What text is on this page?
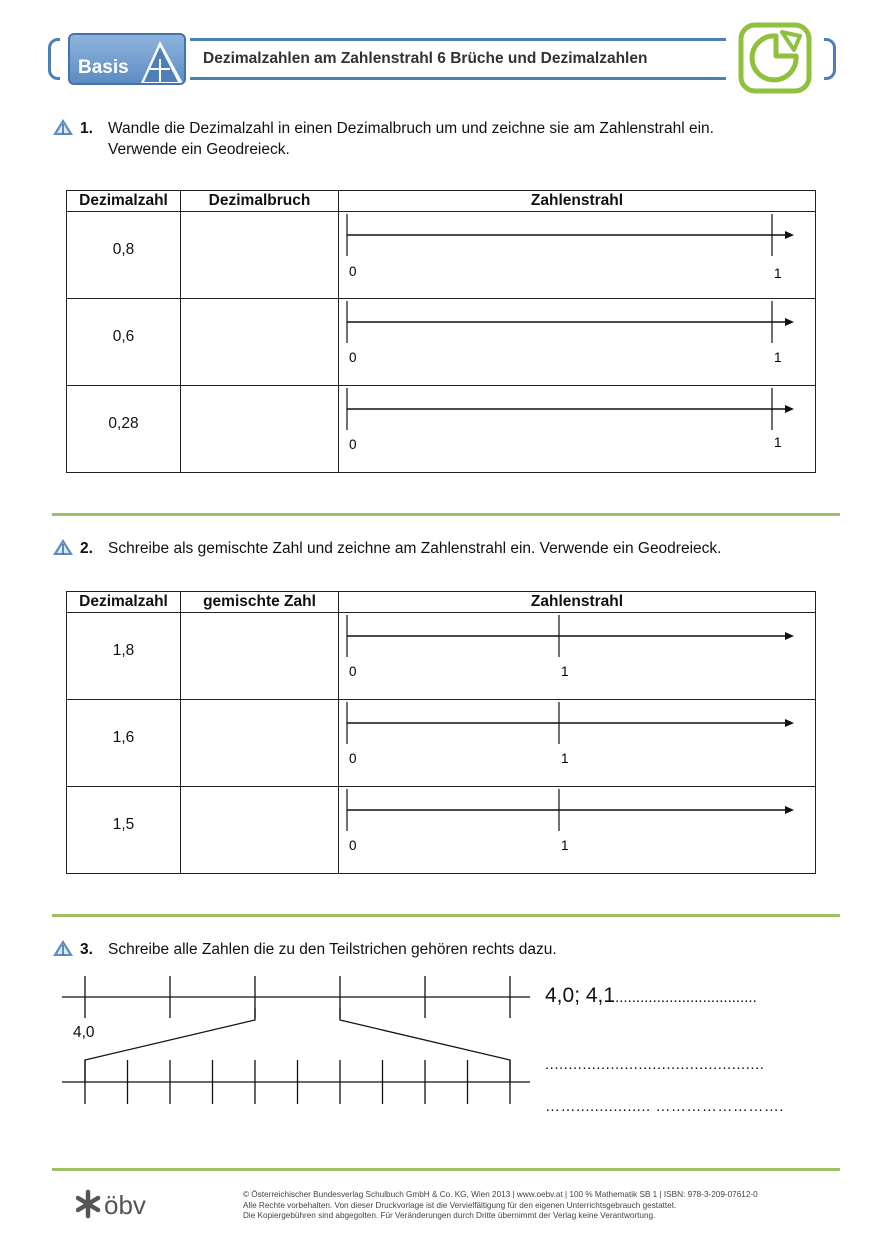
Basis	Dezimalzahlen am Zahlenstrahl 6 Brüche und Dezimalzahlen
1. Wandle die Dezimalzahl in einen Dezimalbruch um und zeichne sie am Zahlenstrahl ein.
Verwende ein Geodreieck.
Dezimalzahl	Dezimalbruch	Zahlenstrahl
0,8		0 1

0,6		0 1

0,28		0 1
2. Schreibe als gemischte Zahl und zeichne am Zahlenstrahl ein. Verwende ein Geodreieck.
Dezimalzahl	gemischte Zahl	Zahlenstrahl
1,8		0 1

1,6		0 1

1,5		0 1
3. Schreibe alle Zahlen die zu den Teilstrichen gehören rechts dazu.
4,0
4,0; 4,1..................................
...............................................
……................ …………………….
öbv	© Österreichischer Bundesverlag Schulbuch GmbH & Co. KG, Wien 2013 | www.oebv.at | 100 % Mathematik SB 1 | ISBN: 978-3-209-07612-0
Alle Rechte vorbehalten. Von dieser Druckvorlage ist die Vervielfältigung für den eigenen Unterrichtsgebrauch gestattet.
Die Kopiergebühren sind abgegolten. Für Veränderungen durch Dritte übernimmt der Verlag keine Verantwortung.
